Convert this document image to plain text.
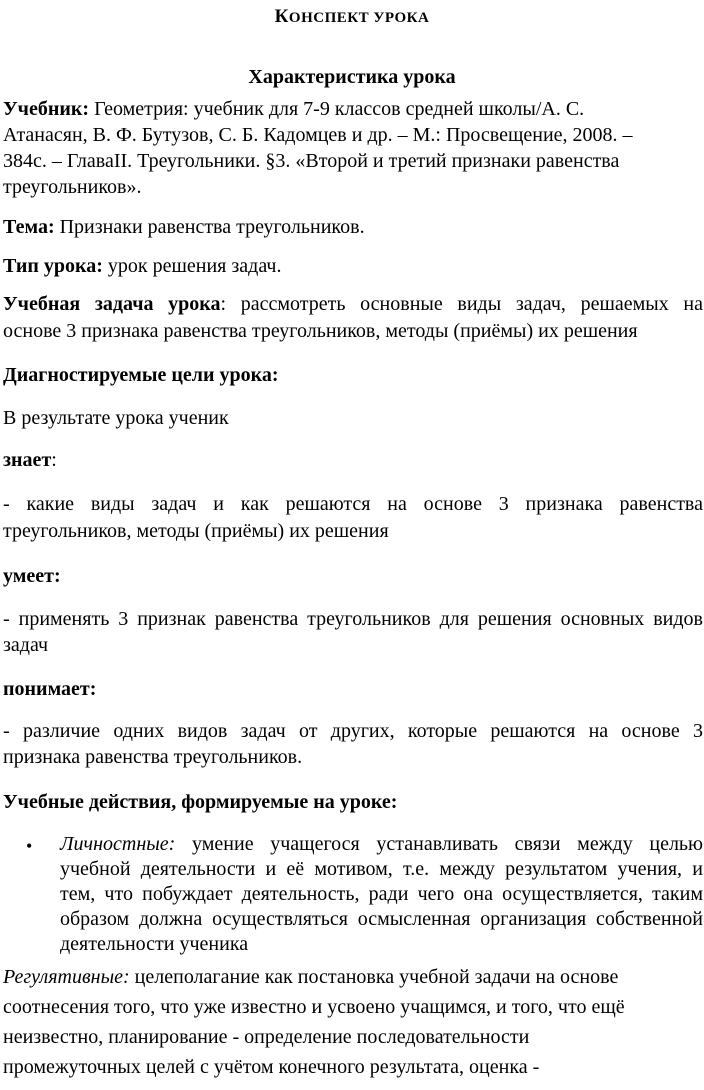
КОНСПЕКТ УРОКА
Характеристика урока
Учебник: Геометрия: учебник для 7-9 классов средней школы/А. С.
Атанасян, В. Ф. Бутузов, С. Б. Кадомцев и др. – М.: Просвещение, 2008. –
384с. – ГлаваII. Треугольники. §3. «Второй и третий признаки равенства
треугольников».
Тема: Признаки равенства треугольников.
Тип урока: урок решения задач.
Учебная задача урока: рассмотреть основные виды задач, решаемых на
основе 3 признака равенства треугольников, методы (приёмы) их решения
Диагностируемые цели урока:
В результате урока ученик
знает:
- какие виды задач и как решаются на основе 3 признака равенства
треугольников, методы (приёмы) их решения
умеет:
- применять 3 признак равенства треугольников для решения основных видов
задач
понимает:
- различие одних видов задач от других, которые решаются на основе 3
признака равенства треугольников.
Учебные действия, формируемые на уроке:
• Личностные: умение учащегося устанавливать связи между целью
учебной деятельности и её мотивом, т.е. между результатом учения, и
тем, что побуждает деятельность, ради чего она осуществляется, таким
образом должна осуществляться осмысленная организация собственной
деятельности ученика
Регулятивные: целеполагание как постановка учебной задачи на основе
соотнесения того, что уже известно и усвоено учащимся, и того, что ещё
неизвестно, планирование - определение последовательности
промежуточных целей с учётом конечного результата, оценка -
